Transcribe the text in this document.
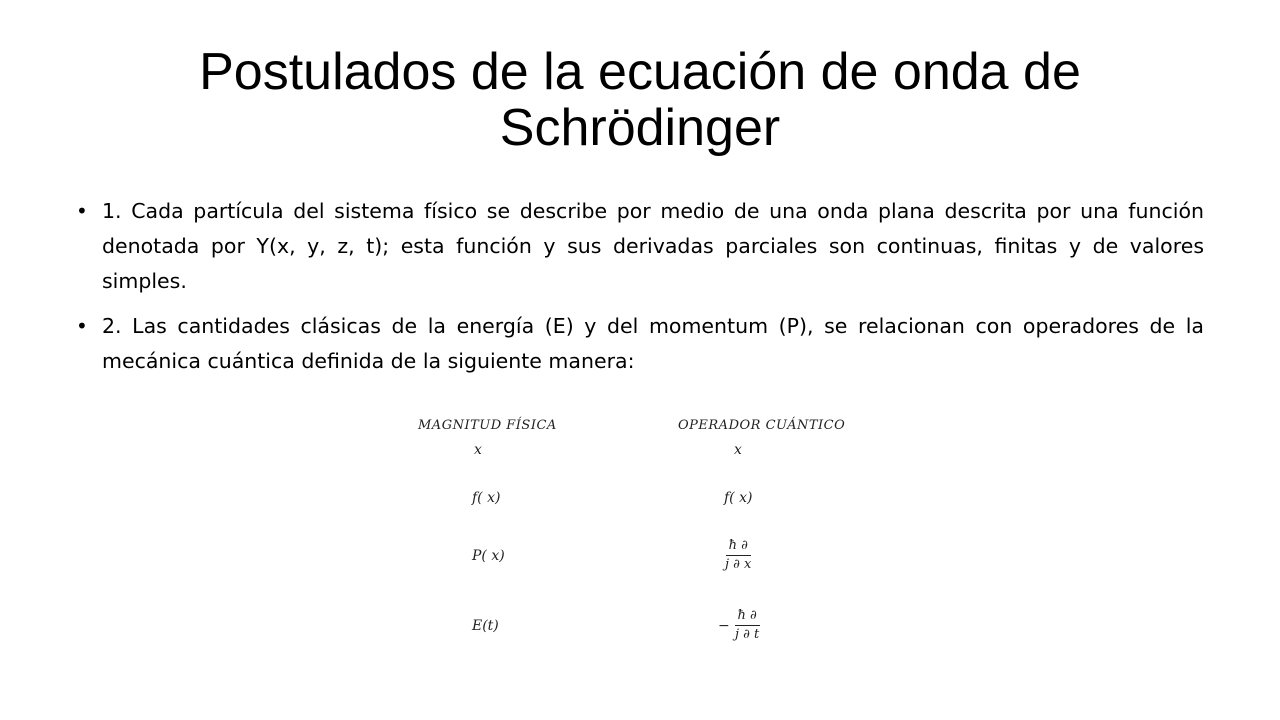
Postulados de la ecuación de onda de Schrödinger
• 1. Cada partícula del sistema físico se describe por medio de una onda plana descrita por una función denotada por Y(x, y, z, t); esta función y sus derivadas parciales son continuas, finitas y de valores simples.
• 2. Las cantidades clásicas de la energía (E) y del momentum (P), se relacionan con operadores de la mecánica cuántica definida de la siguiente manera:
MAGNITUD FÍSICA	OPERADOR CUÁNTICO
x	x
f( x)	f( x)
P( x)	$\frac{ħ \partial}{j \partial x}$
E(t)	− $\frac{ħ \partial}{j \partial t}$
